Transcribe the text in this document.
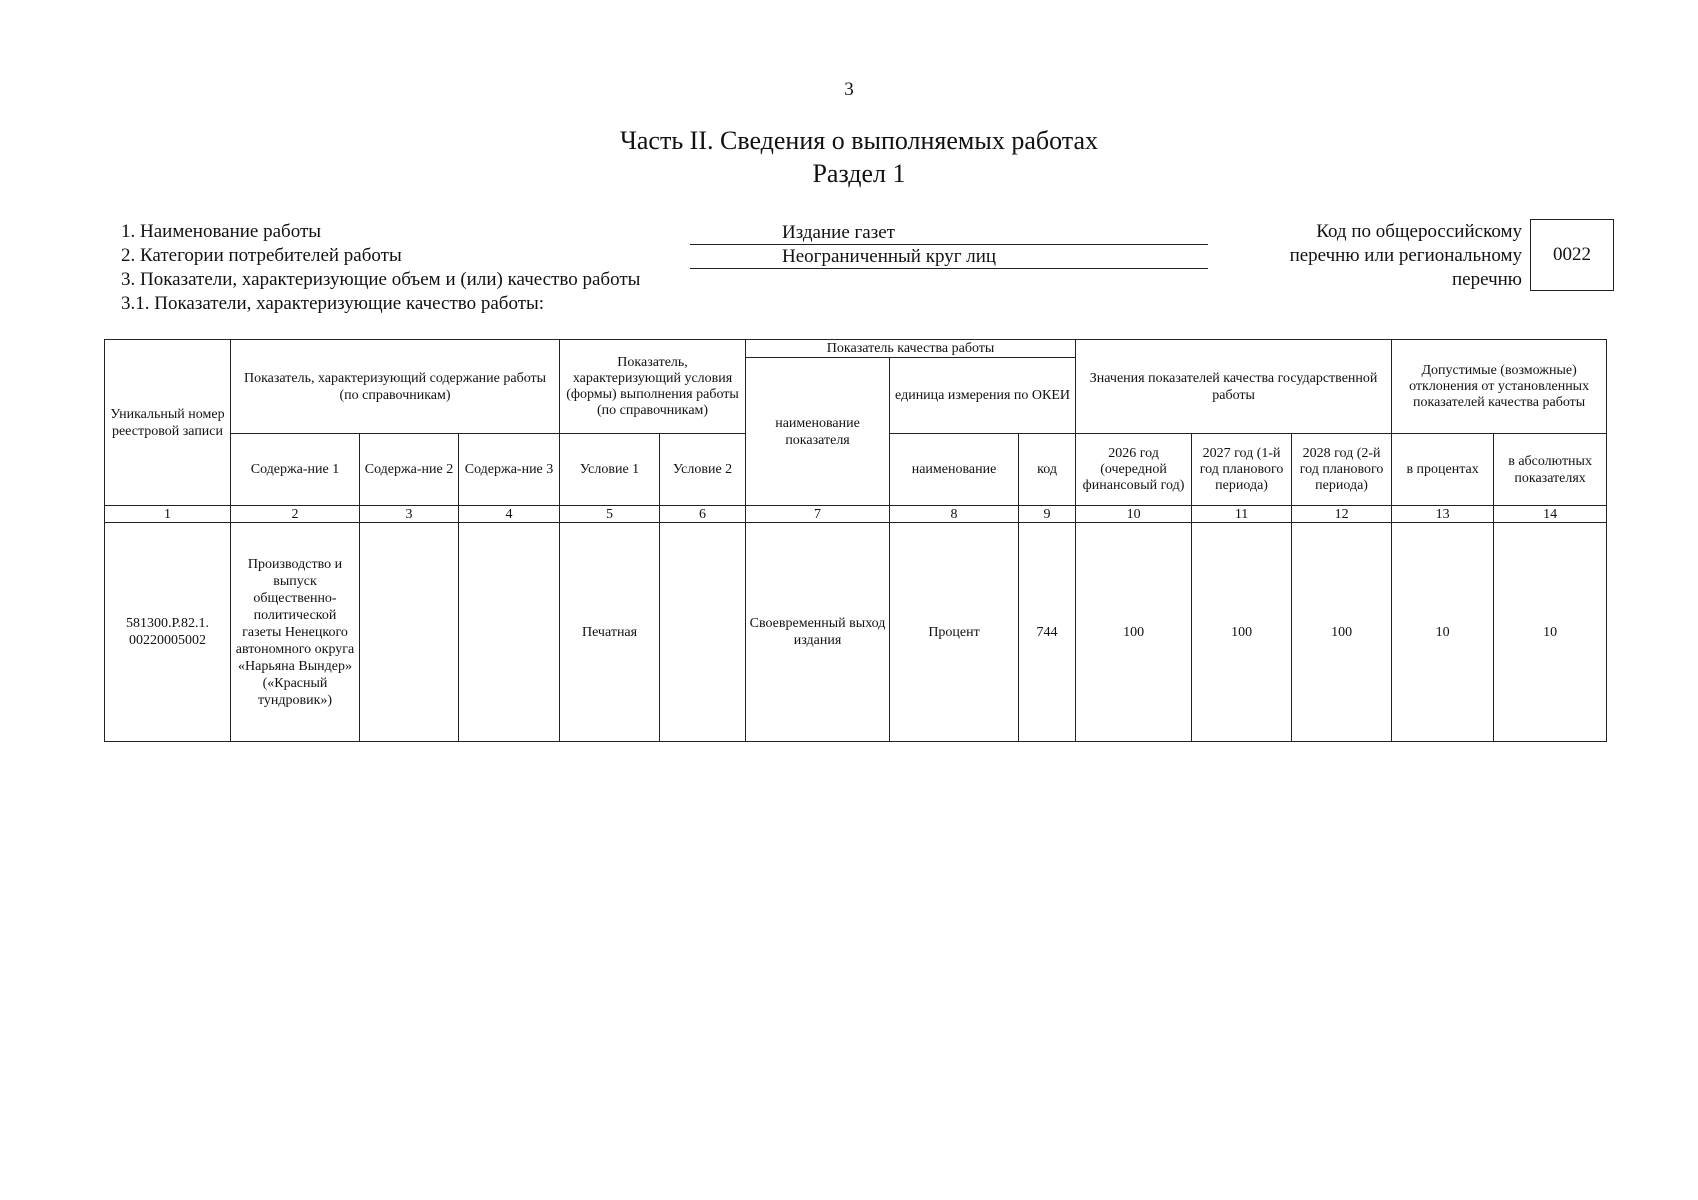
3
Часть II. Сведения о выполняемых работах
Раздел 1
1. Наименование работы
2. Категории потребителей работы
3. Показатели, характеризующие объем и (или) качество работы
3.1. Показатели, характеризующие качество работы:
Издание газет
Неограниченный круг лиц
Код по общероссийскому
перечню или региональному
перечню
0022
Уникальный номер реестровой записи	Показатель, характеризующий содержание работы (по справочникам)			Показатель, характеризующий условия (формы) выполнения работы (по справочникам)		Показатель качества работы			Значения показателей качества государственной работы			Допустимые (возможные) отклонения от установленных показателей качества работы	
						наименование показателя	единица измерения по ОКЕИ						
	Содержа-ние 1	Содержа-ние 2	Содержа-ние 3	Условие 1	Условие 2		наименование	код	2026 год (очередной финансовый год)	2027 год (1-й год планового периода)	2028 год (2-й год планового периода)	в процентах	в абсолютных показателях
1	2	3	4	5	6	7	8	9	10	11	12	13	14
581300.Р.82.1. 00220005002	Производство и выпуск общественно-политической газеты Ненецкого автономного округа «Нарьяна Вындер» («Красный тундровик»)			Печатная		Своевременный выход издания	Процент	744	100	100	100	10	10
